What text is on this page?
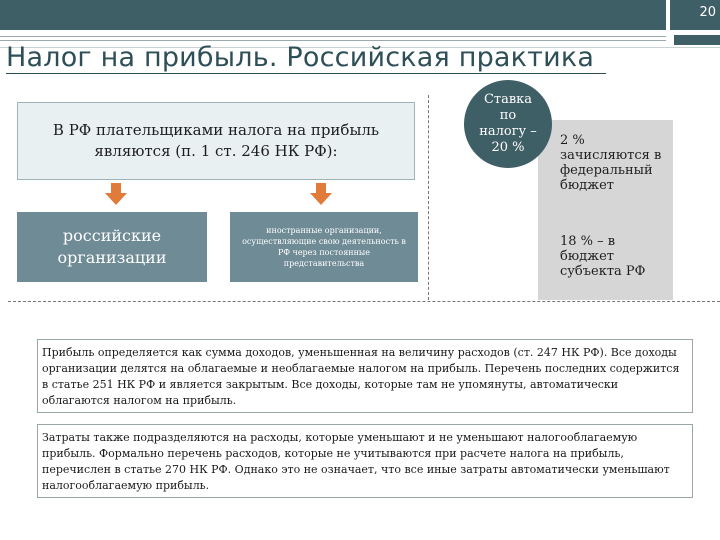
20
Налог на прибыль. Российская практика
В РФ плательщиками налога на прибыль являются (п. 1 ст. 246 НК РФ):
российские организации
иностранные организации, осуществляющие свою деятельность в РФ через постоянные представительства
Ставка по налогу – 20 %	2 % зачисляются в федеральный бюджет
18 % – в бюджет субъекта РФ
Прибыль определяется как сумма доходов, уменьшенная на величину расходов (ст. 247 НК РФ). Все доходы организации делятся на облагаемые и необлагаемые налогом на прибыль. Перечень последних содержится в статье 251 НК РФ и является закрытым. Все доходы, которые там не упомянуты, автоматически облагаются налогом на прибыль.
Затраты также подразделяются на расходы, которые уменьшают и не уменьшают налогооблагаемую прибыль. Формально перечень расходов, которые не учитываются при расчете налога на прибыль, перечислен в статье 270 НК РФ. Однако это не означает, что все иные затраты автоматически уменьшают налогооблагаемую прибыль.
